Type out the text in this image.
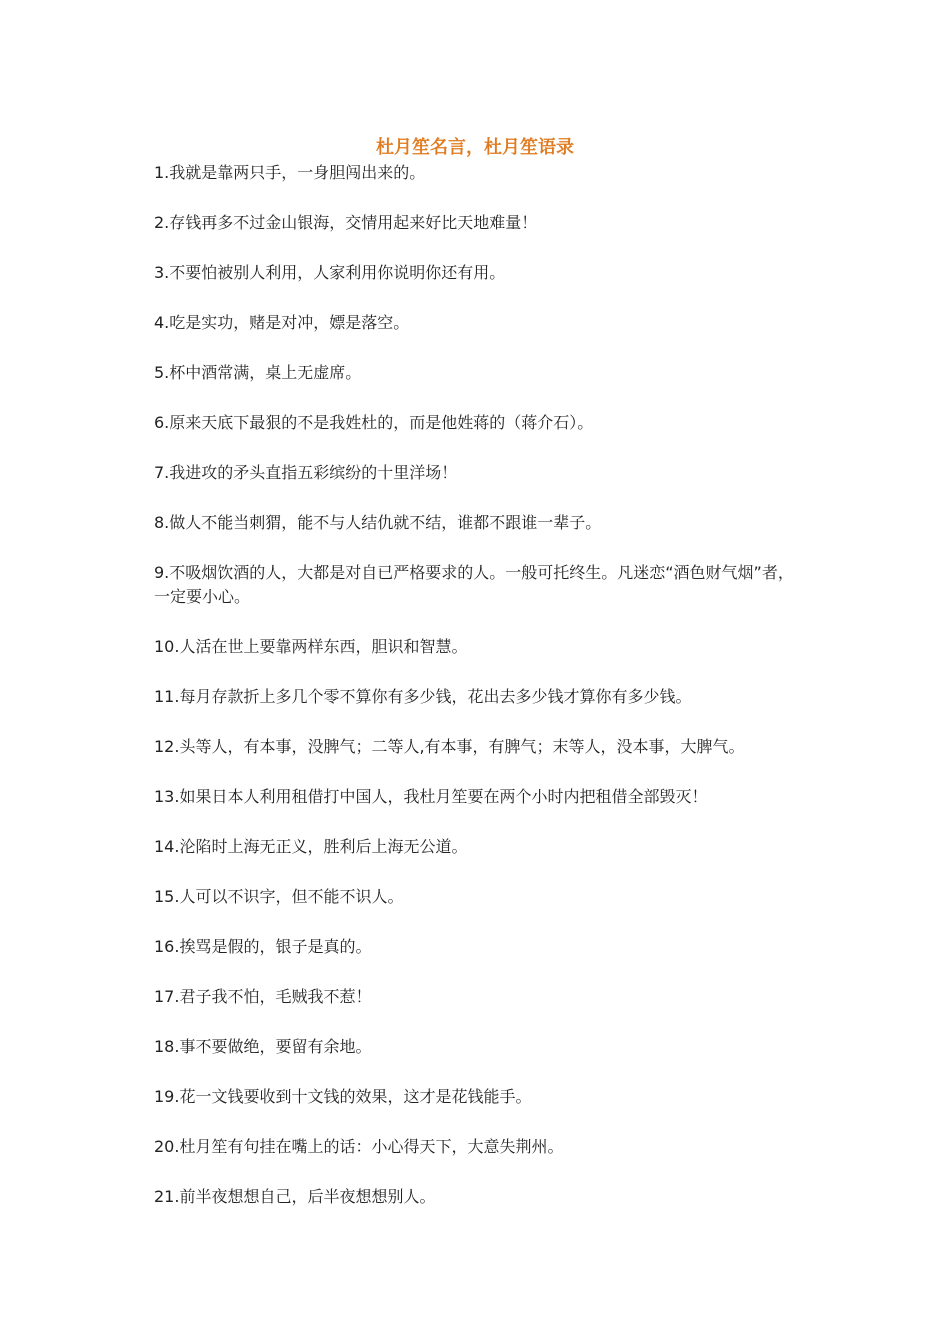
杜月笙名言，杜月笙语录
1.我就是靠两只手，一身胆闯出来的。
2.存钱再多不过金山银海，交情用起来好比天地难量！
3.不要怕被别人利用，人家利用你说明你还有用。
4.吃是实功，赌是对冲，嫖是落空。
5.杯中酒常满，桌上无虚席。
6.原来天底下最狠的不是我姓杜的，而是他姓蒋的（蒋介石）。
7.我进攻的矛头直指五彩缤纷的十里洋场！
8.做人不能当刺猬，能不与人结仇就不结，谁都不跟谁一辈子。
9.不吸烟饮酒的人，大都是对自已严格要求的人。一般可托终生。凡迷恋“酒色财气烟”者，一定要小心。
10.人活在世上要靠两样东西，胆识和智慧。
11.每月存款折上多几个零不算你有多少钱，花出去多少钱才算你有多少钱。
12.头等人，有本事，没脾气；二等人,有本事，有脾气；末等人，没本事，大脾气。
13.如果日本人利用租借打中国人，我杜月笙要在两个小时内把租借全部毁灭！
14.沦陷时上海无正义，胜利后上海无公道。
15.人可以不识字，但不能不识人。
16.挨骂是假的，银子是真的。
17.君子我不怕，毛贼我不惹！
18.事不要做绝，要留有余地。
19.花一文钱要收到十文钱的效果，这才是花钱能手。
20.杜月笙有句挂在嘴上的话：小心得天下，大意失荆州。
21.前半夜想想自己，后半夜想想别人。
